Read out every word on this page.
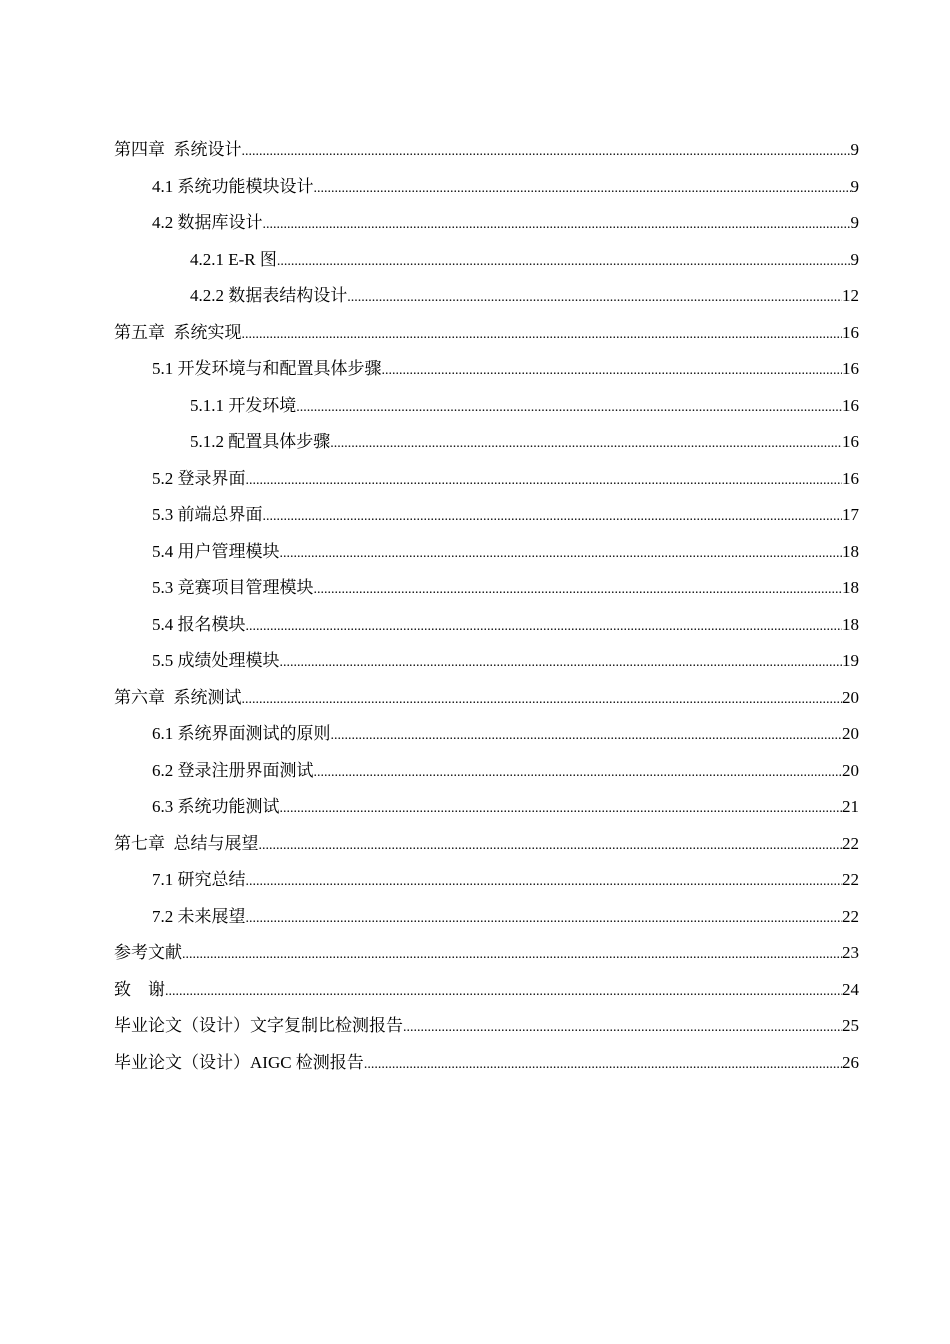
第四章  系统设计 .....	9
4.1 系统功能模块设计 .....	9
4.2 数据库设计 .....	9
4.2.1 E-R 图 .....	9
4.2.2 数据表结构设计 .....	12
第五章  系统实现 .....	16
5.1 开发环境与和配置具体步骤 .....	16
5.1.1 开发环境 .....	16
5.1.2 配置具体步骤 .....	16
5.2 登录界面 .....	16
5.3 前端总界面 .....	17
5.4 用户管理模块 .....	18
5.3 竞赛项目管理模块 .....	18
5.4 报名模块 .....	18
5.5 成绩处理模块 .....	19
第六章  系统测试 .....	20
6.1 系统界面测试的原则 .....	20
6.2 登录注册界面测试 .....	20
6.3 系统功能测试 .....	21
第七章  总结与展望 .....	22
7.1 研究总结 .....	22
7.2 未来展望 .....	22
参考文献 .....	23
致    谢 .....	24
毕业论文（设计）文字复制比检测报告 .....	25
毕业论文（设计）AIGC 检测报告 .....	26
